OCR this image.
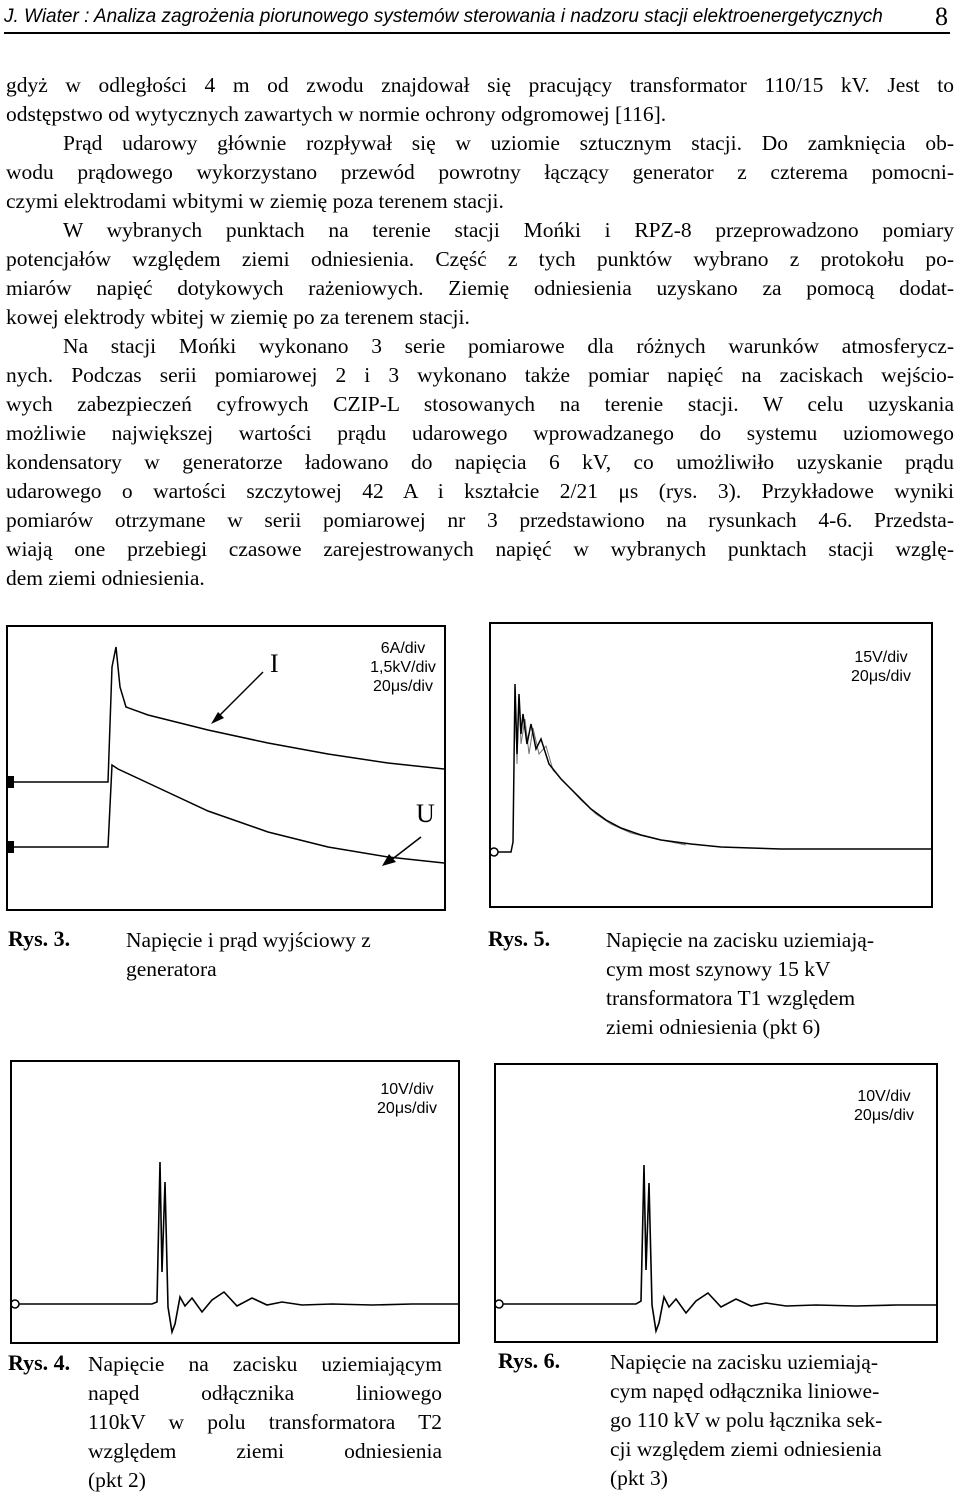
J. Wiater : Analiza zagrożenia piorunowego systemów sterowania i nadzoru stacji elektroenergetycznych 8

gdyż w odległości 4 m od zwodu znajdował się pracujący transformator 110/15 kV. Jest to

odstępstwo od wytycznych zawartych w normie ochrony odgromowej [116].

Prąd udarowy głównie rozpływał się w uziomie sztucznym stacji. Do zamknięcia ob-

wodu prądowego wykorzystano przewód powrotny łączący generator z czterema pomocni-

czymi elektrodami wbitymi w ziemię poza terenem stacji.

W wybranych punktach na terenie stacji Mońki i RPZ-8 przeprowadzono pomiary

potencjałów względem ziemi odniesienia. Część z tych punktów wybrano z protokołu po-

miarów napięć dotykowych rażeniowych. Ziemię odniesienia uzyskano za pomocą dodat-

kowej elektrody wbitej w ziemię po za terenem stacji.

Na stacji Mońki wykonano 3 serie pomiarowe dla różnych warunków atmosferycz-

nych. Podczas serii pomiarowej 2 i 3 wykonano także pomiar napięć na zaciskach wejścio-

wych zabezpieczeń cyfrowych CZIP-L stosowanych na terenie stacji. W celu uzyskania

możliwie największej wartości prądu udarowego wprowadzanego do systemu uziomowego

kondensatory w generatorze ładowano do napięcia 6 kV, co umożliwiło uzyskanie prądu

udarowego o wartości szczytowej 42 A i kształcie 2/21 μs (rys. 3). Przykładowe wyniki

pomiarów otrzymane w serii pomiarowej nr 3 przedstawiono na rysunkach 4-6. Przedsta-

wiają one przebiegi czasowe zarejestrowanych napięć w wybranych punktach stacji wzglę-

dem ziemi odniesienia.

I
U
6A/div
1,5kV/div
20μs/div
Rys. 3.	Napięcie i prąd wyjściowy z
generatora
15V/div
20μs/div
Rys. 5.	Napięcie na zacisku uziemiają-
cym most szynowy 15 kV
transformatora T1 względem
ziemi odniesienia (pkt 6)
10V/div
20μs/div
Rys. 4. Napięcie na zacisku uziemiającym
napęd odłącznika liniowego
110kV w polu transformatora T2
względem ziemi odniesienia
(pkt 2)
10V/div
20μs/div
Rys. 6. Napięcie na zacisku uziemiają-
cym napęd odłącznika liniowe-
go 110 kV w polu łącznika sek-
cji względem ziemi odniesienia
(pkt 3)
